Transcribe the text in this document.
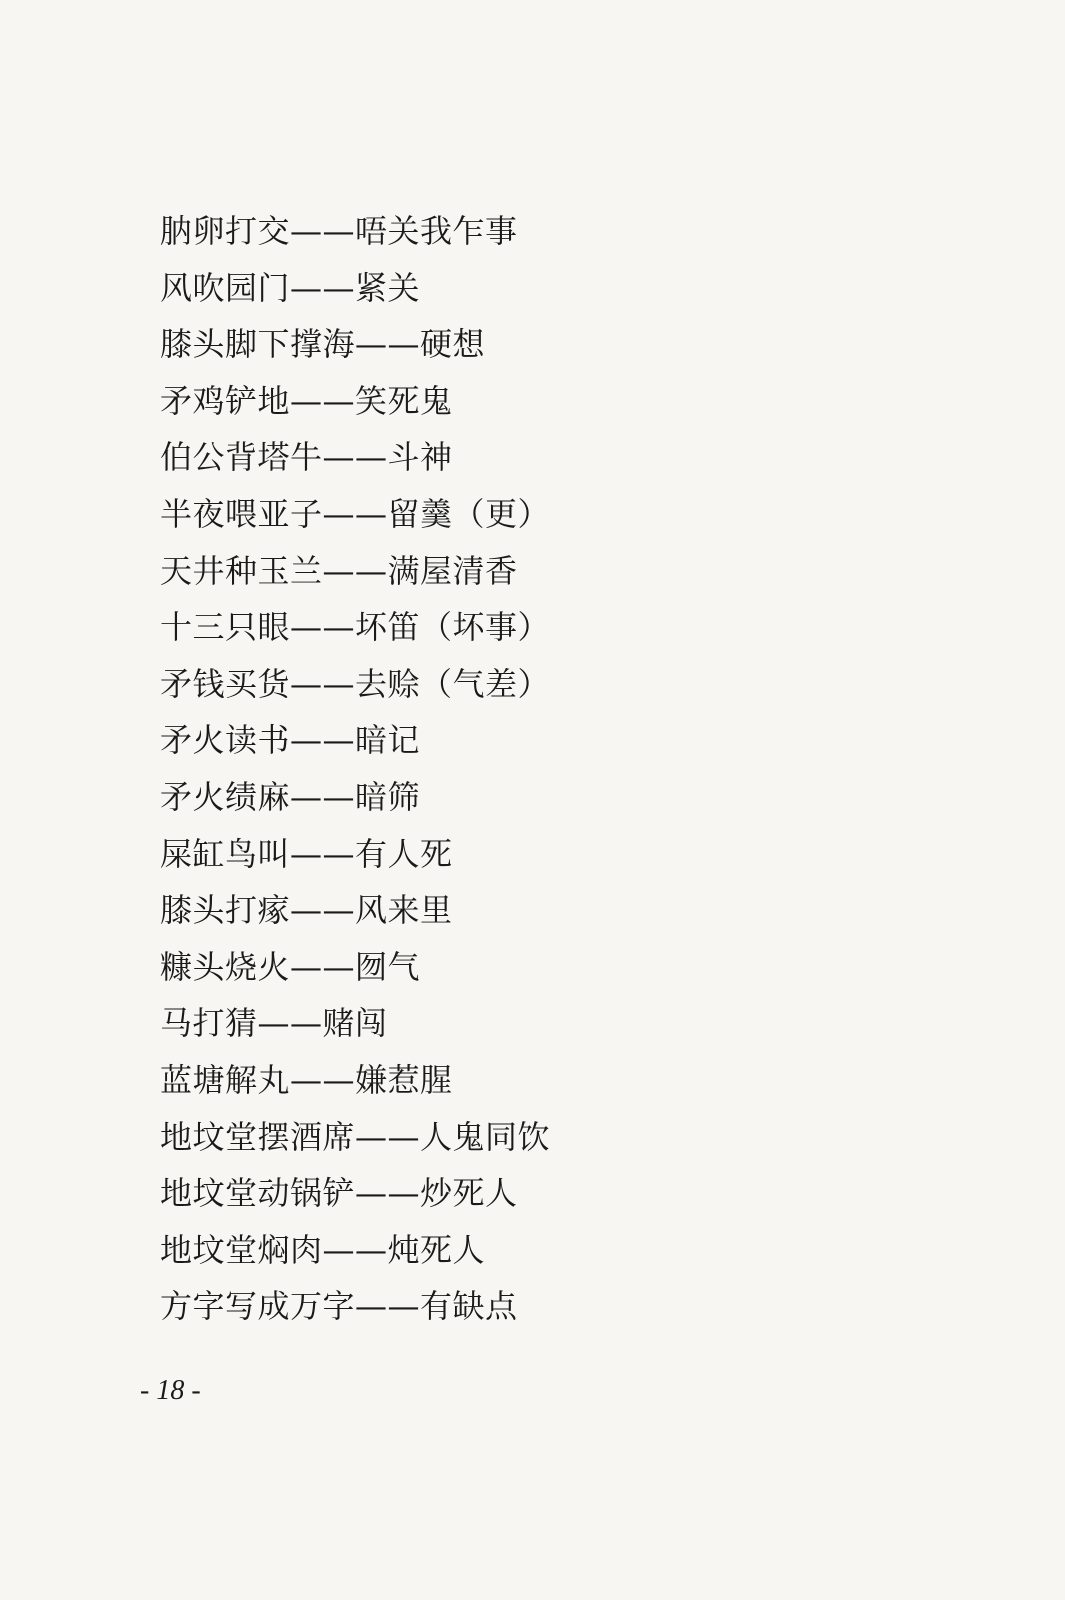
肭卵打交——唔关我乍事
风吹园门——紧关
膝头脚下撑海——硬想
矛鸡铲地——笑死鬼
伯公背塔牛——斗神
半夜喂亚子——留羹（更）
天井种玉兰——满屋清香
十三只眼——坏笛（坏事）
矛钱买货——去赊（气差）
矛火读书——暗记
矛火绩麻——暗筛
屎缸鸟叫——有人死
膝头打瘃——风来里
糠头烧火——囫气
马打猜——赌闯
蓝塘解丸——嫌惹腥
地坟堂摆酒席——人鬼同饮
地坟堂动锅铲——炒死人
地坟堂焖肉——炖死人
方字写成万字——有缺点
- 18 -
